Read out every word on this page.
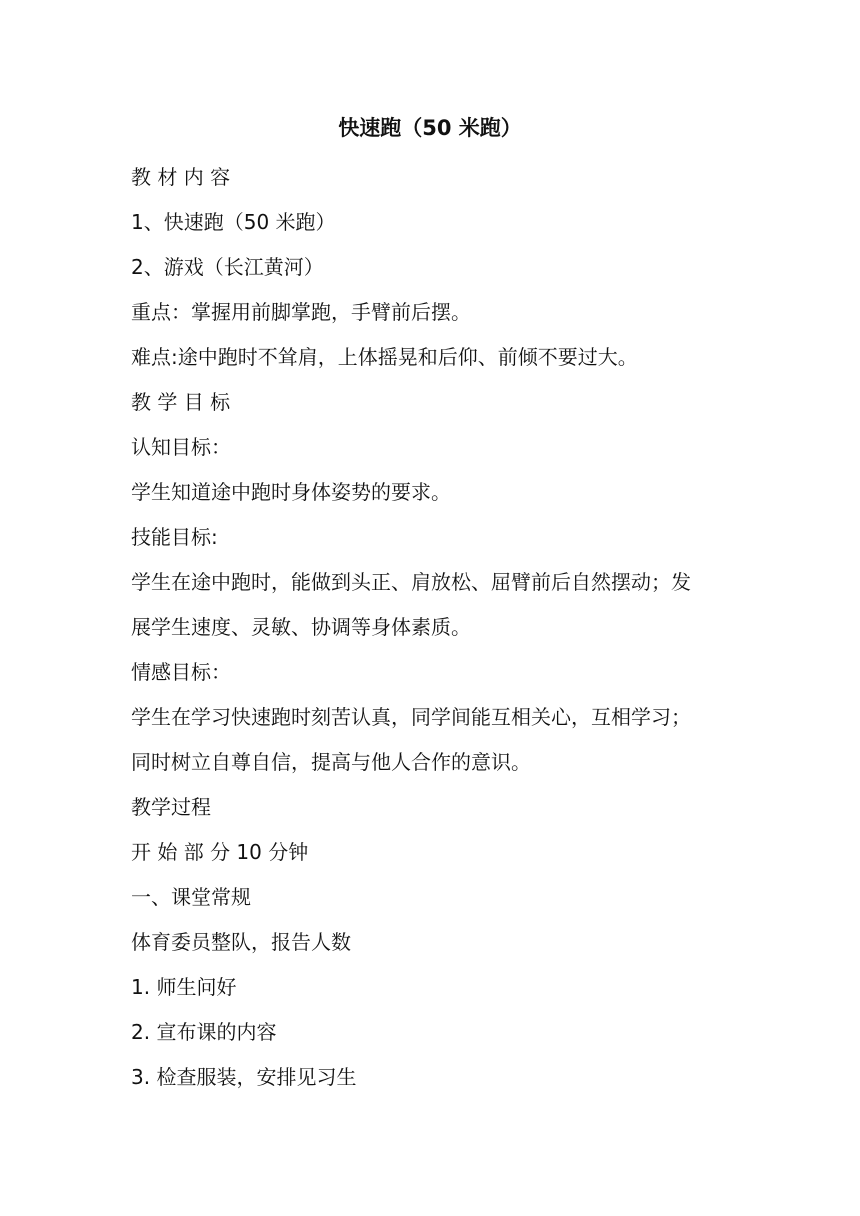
快速跑（50 米跑）

教 材 内 容

1、快速跑（50 米跑）

2、游戏（长江黄河）

重点：掌握用前脚掌跑，手臂前后摆。

难点:途中跑时不耸肩，上体摇晃和后仰、前倾不要过大。

教 学 目 标

认知目标：

学生知道途中跑时身体姿势的要求。

技能目标:

学生在途中跑时，能做到头正、肩放松、屈臂前后自然摆动；发

展学生速度、灵敏、协调等身体素质。

情感目标：

学生在学习快速跑时刻苦认真，同学间能互相关心，互相学习；

同时树立自尊自信，提高与他人合作的意识。

教学过程

开 始 部 分 10 分钟

一、课堂常规

体育委员整队，报告人数

1. 师生问好

2. 宣布课的内容

3. 检查服装，安排见习生
